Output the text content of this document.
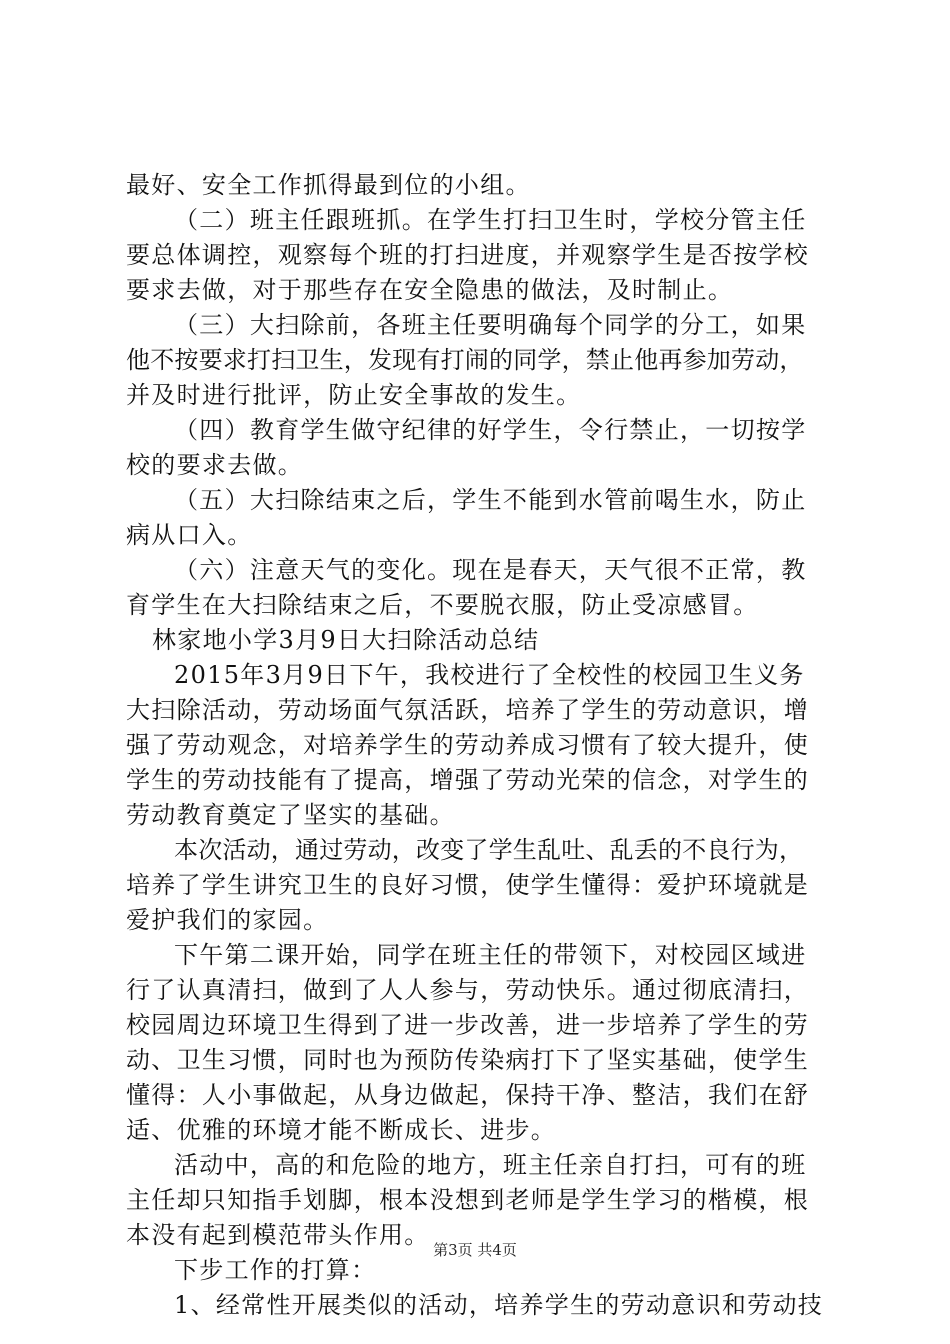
最好、安全工作抓得最到位的小组。
（二）班主任跟班抓。在学生打扫卫生时，学校分管主任
要总体调控，观察每个班的打扫进度，并观察学生是否按学校
要求去做，对于那些存在安全隐患的做法，及时制止。
（三）大扫除前，各班主任要明确每个同学的分工，如果
他不按要求打扫卫生，发现有打闹的同学，禁止他再参加劳动，
并及时进行批评，防止安全事故的发生。
（四）教育学生做守纪律的好学生，令行禁止，一切按学
校的要求去做。
（五）大扫除结束之后，学生不能到水管前喝生水，防止
病从口入。
（六）注意天气的变化。现在是春天，天气很不正常，教
育学生在大扫除结束之后，不要脱衣服，防止受凉感冒。
林家地小学3月9日大扫除活动总结
2015年3月9日下午，我校进行了全校性的校园卫生义务
大扫除活动，劳动场面气氛活跃，培养了学生的劳动意识，增
强了劳动观念，对培养学生的劳动养成习惯有了较大提升，使
学生的劳动技能有了提高，增强了劳动光荣的信念，对学生的
劳动教育奠定了坚实的基础。
本次活动，通过劳动，改变了学生乱吐、乱丢的不良行为，
培养了学生讲究卫生的良好习惯，使学生懂得：爱护环境就是
爱护我们的家园。
下午第二课开始，同学在班主任的带领下，对校园区域进
行了认真清扫，做到了人人参与，劳动快乐。通过彻底清扫，
校园周边环境卫生得到了进一步改善，进一步培养了学生的劳
动、卫生习惯，同时也为预防传染病打下了坚实基础，使学生
懂得：人小事做起，从身边做起，保持干净、整洁，我们在舒
适、优雅的环境才能不断成长、进步。
活动中，高的和危险的地方，班主任亲自打扫，可有的班
主任却只知指手划脚，根本没想到老师是学生学习的楷模，根
本没有起到模范带头作用。
下步工作的打算：
1、经常性开展类似的活动，培养学生的劳动意识和劳动技
第3页 共4页
